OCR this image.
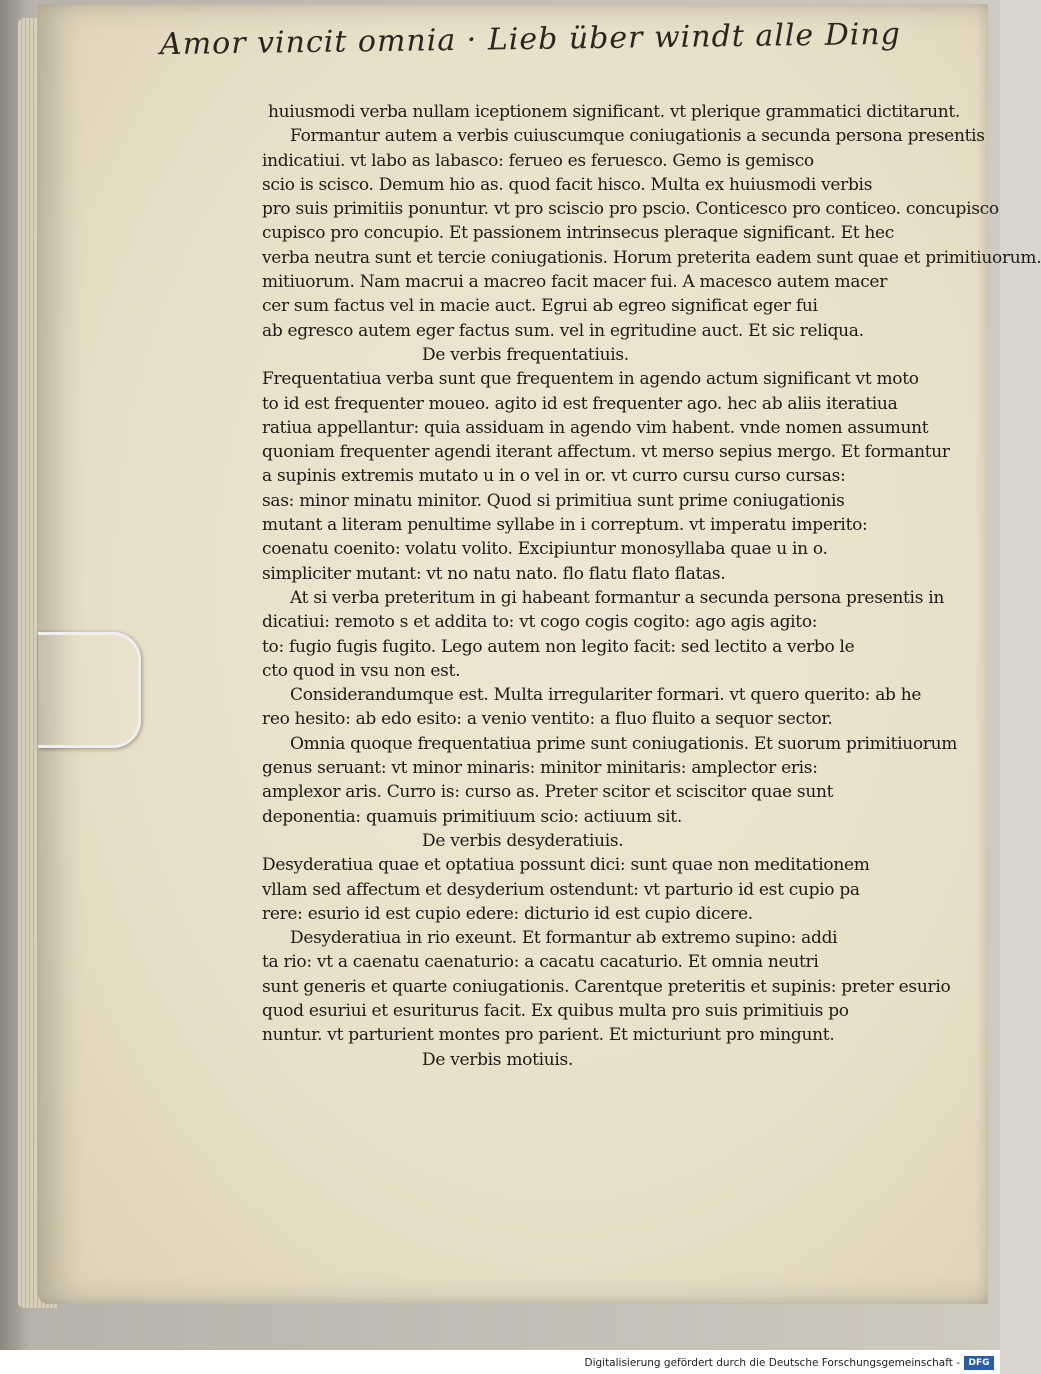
Amor vincit omnia · Lieb über windt alle Ding
huiusmodi verba nullam iceptionem significant. vt plerique grammatici dictitarunt.
Formantur autem a verbis cuiuscumque coniugationis a secunda persona presentis
indicatiui. vt labo as labasco: ferueo es feruesco. Gemo is gemisco
scio is scisco. Demum hio as. quod facit hisco. Multa ex huiusmodi verbis
pro suis primitiis ponuntur. vt pro sciscio pro pscio. Conticesco pro conticeo. concupisco
cupisco pro concupio. Et passionem intrinsecus pleraque significant. Et hec
verba neutra sunt et tercie coniugationis. Horum preterita eadem sunt quae et primitiuorum.
mitiuorum. Nam macrui a macreo facit macer fui. A macesco autem macer
cer sum factus vel in macie auct. Egrui ab egreo significat eger fui
ab egresco autem eger factus sum. vel in egritudine auct. Et sic reliqua.
De verbis frequentatiuis.
Frequentatiua verba sunt que frequentem in agendo actum significant vt moto
to id est frequenter moueo. agito id est frequenter ago. hec ab aliis iteratiua
ratiua appellantur: quia assiduam in agendo vim habent. vnde nomen assumunt
quoniam frequenter agendi iterant affectum. vt merso sepius mergo. Et formantur
a supinis extremis mutato u in o vel in or. vt curro cursu curso cursas:
sas: minor minatu minitor. Quod si primitiua sunt prime coniugationis
mutant a literam penultime syllabe in i correptum. vt imperatu imperito:
coenatu coenito: volatu volito. Excipiuntur monosyllaba quae u in o.
simpliciter mutant: vt no natu nato. flo flatu flato flatas.
At si verba preteritum in gi habeant formantur a secunda persona presentis in
dicatiui: remoto s et addita to: vt cogo cogis cogito: ago agis agito:
to: fugio fugis fugito. Lego autem non legito facit: sed lectito a verbo le
cto quod in vsu non est.
Considerandumque est. Multa irregulariter formari. vt quero querito: ab he
reo hesito: ab edo esito: a venio ventito: a fluo fluito a sequor sector.
Omnia quoque frequentatiua prime sunt coniugationis. Et suorum primitiuorum
genus seruant: vt minor minaris: minitor minitaris: amplector eris:
amplexor aris. Curro is: curso as. Preter scitor et sciscitor quae sunt
deponentia: quamuis primitiuum scio: actiuum sit.
De verbis desyderatiuis.
Desyderatiua quae et optatiua possunt dici: sunt quae non meditationem
vllam sed affectum et desyderium ostendunt: vt parturio id est cupio pa
rere: esurio id est cupio edere: dicturio id est cupio dicere.
Desyderatiua in rio exeunt. Et formantur ab extremo supino: addi
ta rio: vt a caenatu caenaturio: a cacatu cacaturio. Et omnia neutri
sunt generis et quarte coniugationis. Carentque preteritis et supinis: preter esurio
quod esuriui et esuriturus facit. Ex quibus multa pro suis primitiuis po
nuntur. vt parturient montes pro parient. Et micturiunt pro mingunt.
De verbis motiuis.
Digitalisierung gefördert durch die Deutsche Forschungsgemeinschaft - DFG
